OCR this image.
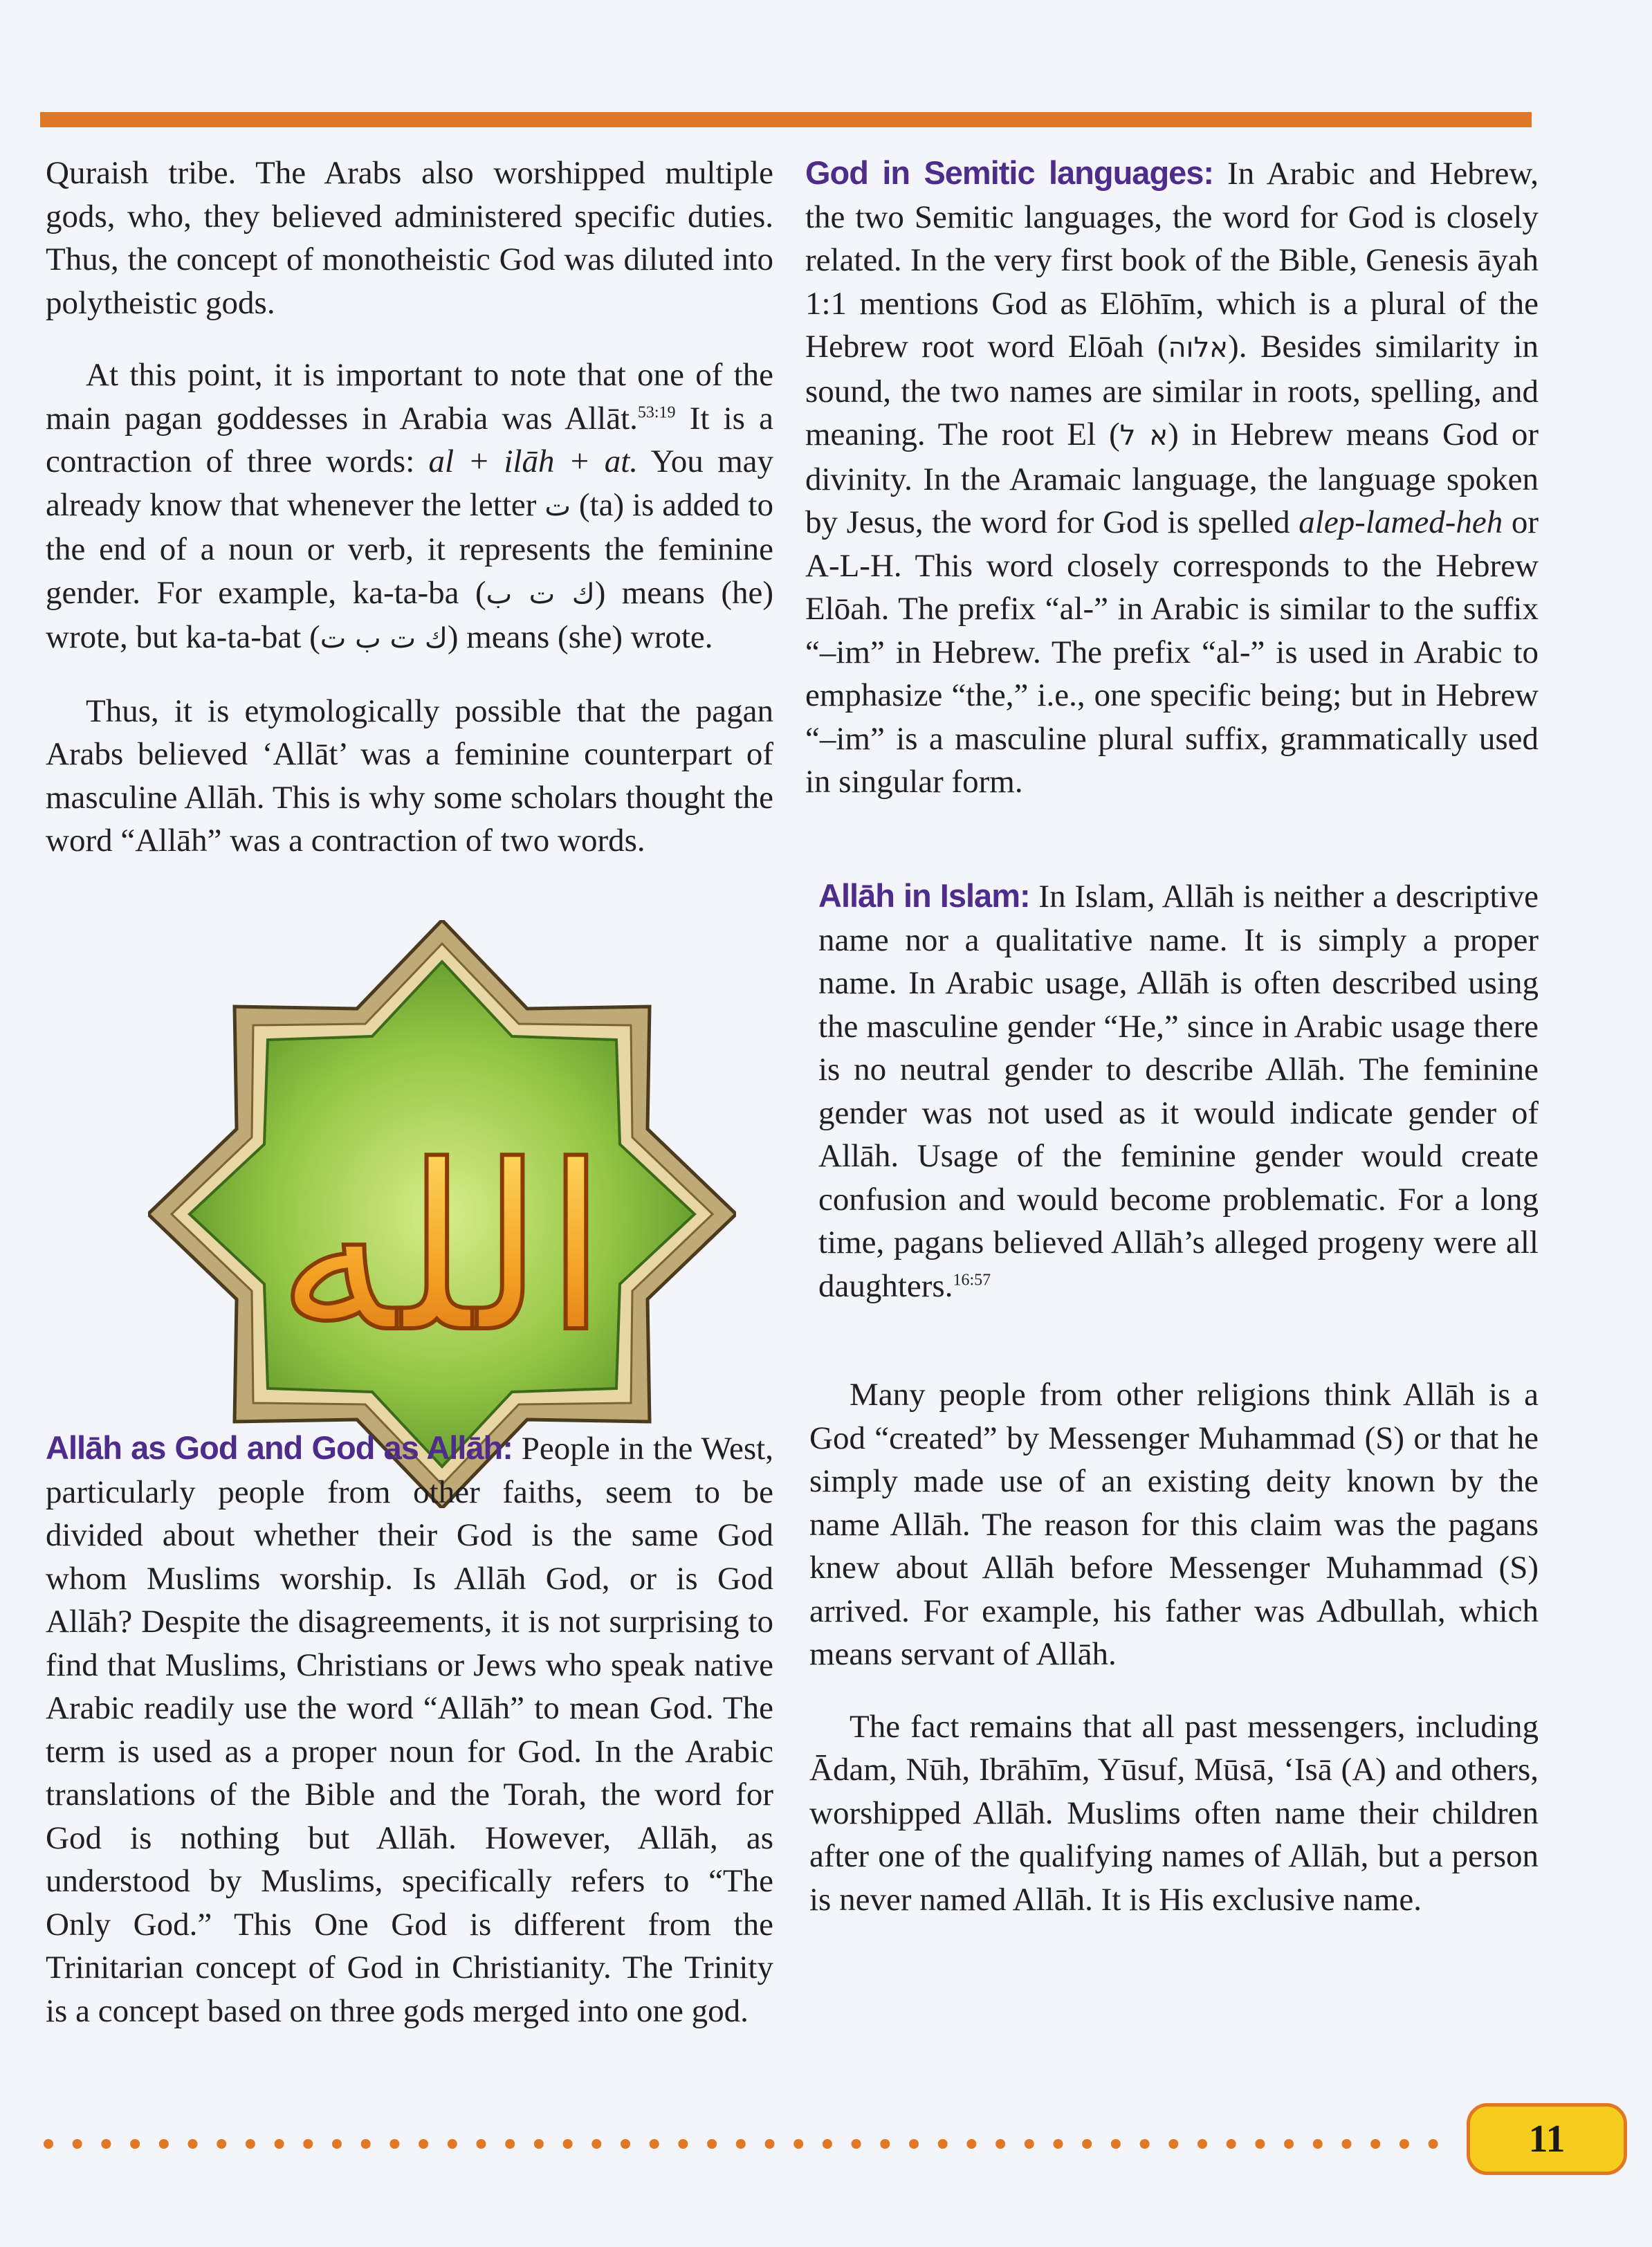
Quraish tribe. The Arabs also worshipped multiple gods, who, they believed administered specific duties. Thus, the concept of monotheistic God was diluted into polytheistic gods.

At this point, it is important to note that one of the main pagan goddesses in Arabia was Allāt.$^{53:19}$ It is a contraction of three words: al + ilāh + at. You may already know that whenever the letter ت (ta) is added to the end of a noun or verb, it represents the feminine gender. For example, ka-ta-ba (ك ت ب) means (he) wrote, but ka-ta-bat (ك ت ب ت) means (she) wrote.

Thus, it is etymologically possible that the pagan Arabs believed ‘Allāt’ was a feminine counterpart of masculine Allāh. This is why some scholars thought the word “Allāh” was a contraction of two words.

الله

Allāh as God and God as Allāh: People in the West, particularly people from other faiths, seem to be divided about whether their God is the same God whom Muslims worship. Is Allāh God, or is God Allāh? Despite the disagreements, it is not surprising to find that Muslims, Christians or Jews who speak native Arabic readily use the word “Allāh” to mean God. The term is used as a proper noun for God. In the Arabic translations of the Bible and the Torah, the word for God is nothing but Allāh. However, Allāh, as understood by Muslims, specifically refers to “The Only God.” This One God is different from the Trinitarian concept of God in Christianity. The Trinity is a concept based on three gods merged into one god.

God in Semitic languages: In Arabic and Hebrew, the two Semitic languages, the word for God is closely related. In the very first book of the Bible, Genesis āyah 1:1 mentions God as Elōhīm, which is a plural of the Hebrew root word Elōah (אלוה). Besides similarity in sound, the two names are similar in roots, spelling, and meaning. The root El (א ל) in Hebrew means God or divinity. In the Aramaic language, the language spoken by Jesus, the word for God is spelled alep-lamed-heh or A-L-H. This word closely corresponds to the Hebrew Elōah. The prefix “al-” in Arabic is similar to the suffix “–im” in Hebrew. The prefix “al-” is used in Arabic to emphasize “the,” i.e., one specific being; but in Hebrew “–im” is a masculine plural suffix, grammatically used in singular form.

Allāh in Islam: In Islam, Allāh is neither a descriptive name nor a qualitative name. It is simply a proper name. In Arabic usage, Allāh is often described using the masculine gender “He,” since in Arabic usage there is no neutral gender to describe Allāh. The feminine gender was not used as it would indicate gender of Allāh. Usage of the feminine gender would create confusion and would become problematic. For a long time, pagans believed Allāh’s alleged progeny were all daughters.$^{16:57}$

Many people from other religions think Allāh is a God “created” by Messenger Muhammad (S) or that he simply made use of an existing deity known by the name Allāh. The reason for this claim was the pagans knew about Allāh before Messenger Muhammad (S) arrived. For example, his father was Adbullah, which means servant of Allāh.

The fact remains that all past messengers, including Ādam, Nūh, Ibrāhīm, Yūsuf, Mūsā, ‘Isā (A) and others, worshipped Allāh. Muslims often name their children after one of the qualifying names of Allāh, but a person is never named Allāh. It is His exclusive name.

11
